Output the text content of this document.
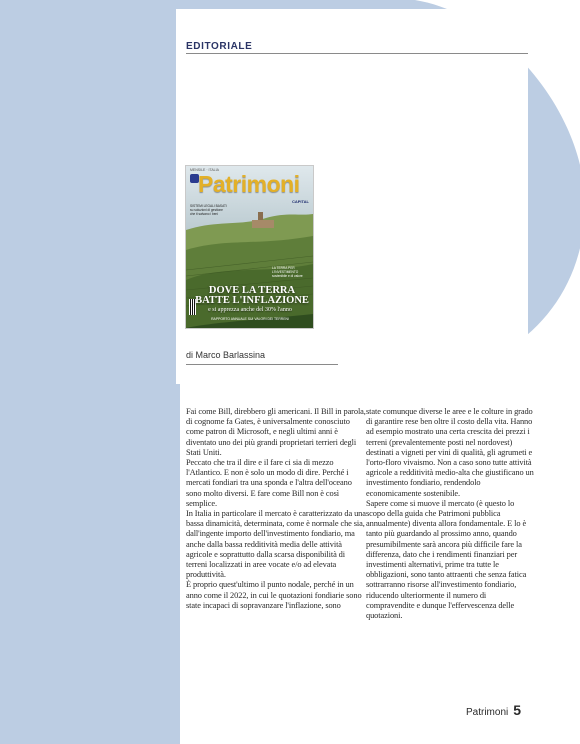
EDITORIALE
MENSILE · ITALIA
Patrimoni
CAPITAL
SISTEMI LEGALI BASATI
su soluzioni di gestione
che ti salvano i beni
LA TERRA PER
L'INVESTIMENTO
sostenibile e di valore
DOVE LA TERRA
BATTE L'INFLAZIONE
e si apprezza anche del 30% l'anno
RAPPORTO ANNUALE SUI VALORI DEI TERRENI
di Marco Barlassina

Fai come Bill, direbbero gli americani. Il Bill in parola, di cognome fa Gates, è universalmente conosciuto come patron di Microsoft, e negli ultimi anni è diventato uno dei più grandi proprietari terrieri degli Stati Uniti.

Peccato che tra il dire e il fare ci sia di mezzo l'Atlantico. E non è solo un modo di dire. Perché i mercati fondiari tra una sponda e l'altra dell'oceano sono molto diversi. E fare come Bill non è così semplice.

In Italia in particolare il mercato è caratterizzato da una bassa dinamicità, determinata, come è normale che sia, dall'ingente importo dell'investimento fondiario, ma anche dalla bassa redditività media delle attività agricole e soprattutto dalla scarsa disponibilità di terreni localizzati in aree vocate e/o ad elevata produttività.

È proprio quest'ultimo il punto nodale, perché in un anno come il 2022, in cui le quotazioni fondiarie sono state incapaci di sopravanzare l'inflazione, sono

state comunque diverse le aree e le colture in grado di garantire rese ben oltre il costo della vita. Hanno ad esempio mostrato una certa crescita dei prezzi i terreni (prevalentemente posti nel nordovest) destinati a vigneti per vini di qualità, gli agrumeti e l'orto-floro vivaismo. Non a caso sono tutte attività agricole a redditività medio-alta che giustificano un investimento fondiario, rendendolo economicamente sostenibile.

Sapere come si muove il mercato (è questo lo scopo della guida che Patrimoni pubblica annualmente) diventa allora fondamentale. E lo è tanto più guardando al prossimo anno, quando presumibilmente sarà ancora più difficile fare la differenza, dato che i rendimenti finanziari per investimenti alternativi, prime tra tutte le obbligazioni, sono tanto attraenti che senza fatica sottrarranno risorse all'investimento fondiario, riducendo ulteriormente il numero di compravendite e dunque l'effervescenza delle quotazioni.

Patrimoni 5
